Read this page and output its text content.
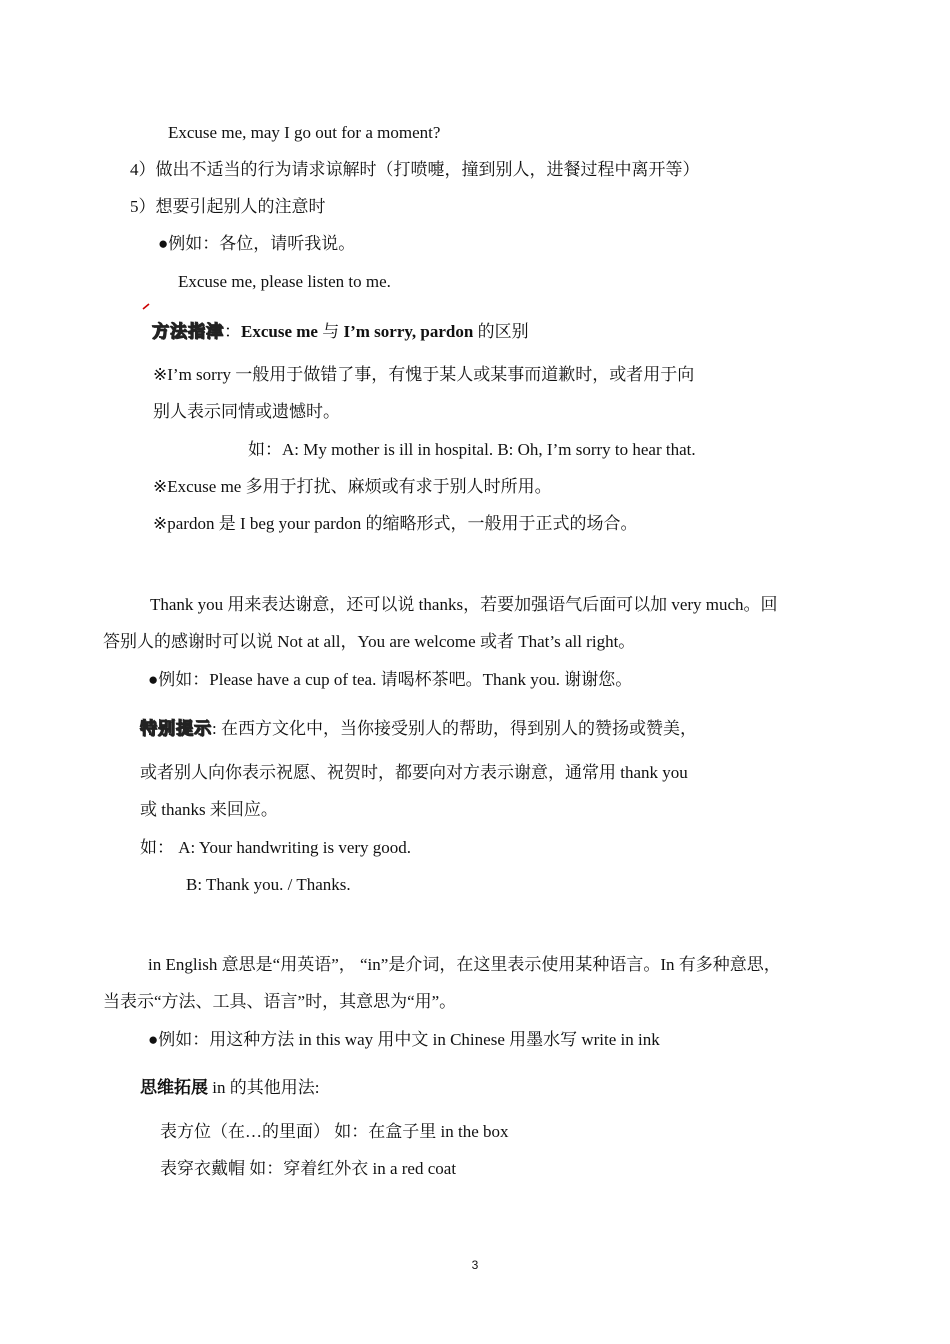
Excuse me, may I go out for a moment?
4）做出不适当的行为请求谅解时（打喷嚏，撞到别人，进餐过程中离开等）
5）想要引起别人的注意时
●例如：各位，请听我说。
Excuse me, please listen to me.
方法指津：Excuse me 与 I’m sorry, pardon 的区别
※I’m sorry 一般用于做错了事，有愧于某人或某事而道歉时，或者用于向
别人表示同情或遗憾时。
如：A: My mother is ill in hospital. B: Oh, I’m sorry to hear that.
※Excuse me 多用于打扰、麻烦或有求于别人时所用。
※pardon 是 I beg your pardon 的缩略形式，一般用于正式的场合。
Thank you 用来表达谢意，还可以说 thanks，若要加强语气后面可以加 very much。回
答别人的感谢时可以说 Not at all，You are welcome 或者 That’s all right。
●例如：Please have a cup of tea. 请喝杯茶吧。Thank you. 谢谢您。
特别提示: 在西方文化中，当你接受别人的帮助，得到别人的赞扬或赞美，
或者别人向你表示祝愿、祝贺时，都要向对方表示谢意，通常用 thank you
或 thanks 来回应。
如： A: Your handwriting is very good.
B: Thank you. / Thanks.
in English 意思是“用英语”， “in”是介词，在这里表示使用某种语言。In 有多种意思，
当表示“方法、工具、语言”时，其意思为“用”。
●例如：用这种方法 in this way 用中文 in Chinese 用墨水写 write in ink
思维拓展 in 的其他用法:
表方位（在…的里面） 如：在盒子里 in the box
表穿衣戴帽 如：穿着红外衣 in a red coat
3
